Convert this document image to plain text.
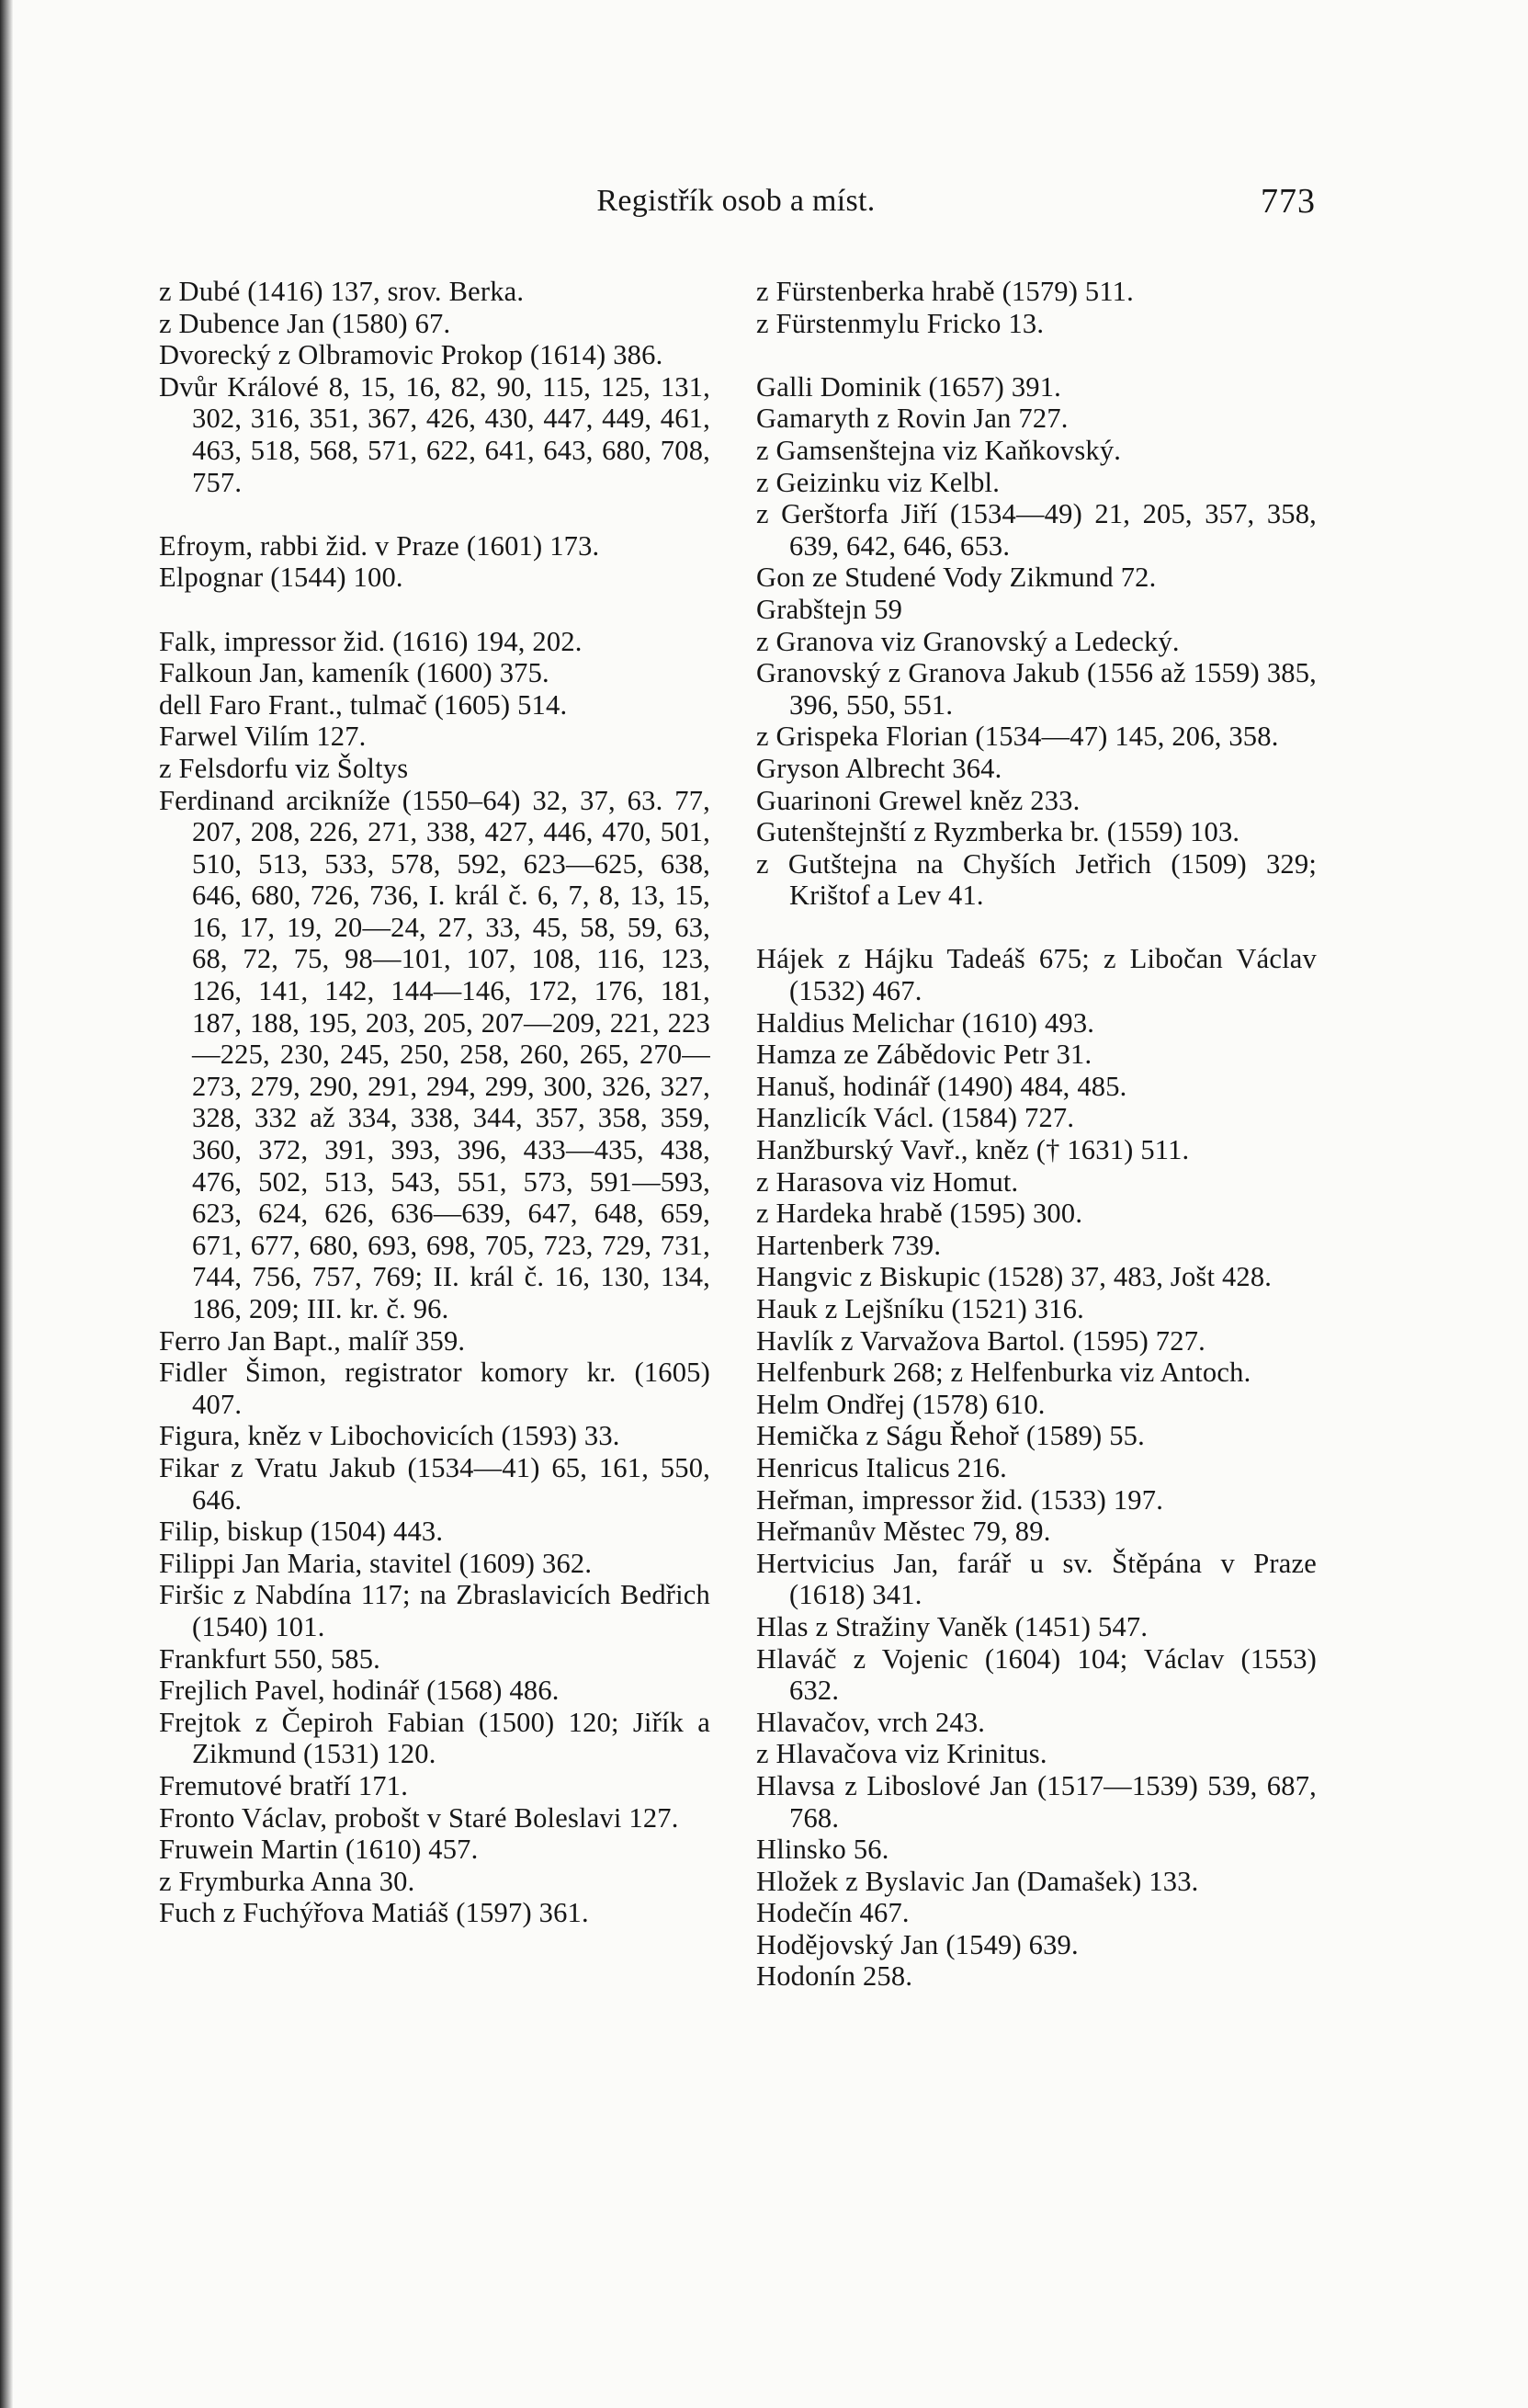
Registřík osob a míst.	773

z Dubé (1416) 137, srov. Berka.

z Dubence Jan (1580) 67.

Dvorecký z Olbramovic Prokop (1614) 386.

Dvůr Králové 8, 15, 16, 82, 90, 115, 125, 131, 302, 316, 351, 367, 426, 430, 447, 449, 461, 463, 518, 568, 571, 622, 641, 643, 680, 708, 757.

Efroym, rabbi žid. v Praze (1601) 173.

Elpognar (1544) 100.

Falk, impressor žid. (1616) 194, 202.

Falkoun Jan, kameník (1600) 375.

dell Faro Frant., tulmač (1605) 514.

Farwel Vilím 127.

z Felsdorfu viz Šoltys

Ferdinand arcikníže (1550–64) 32, 37, 63. 77, 207, 208, 226, 271, 338, 427, 446, 470, 501, 510, 513, 533, 578, 592, 623—625, 638, 646, 680, 726, 736, I. král č. 6, 7, 8, 13, 15, 16, 17, 19, 20—24, 27, 33, 45, 58, 59, 63, 68, 72, 75, 98—101, 107, 108, 116, 123, 126, 141, 142, 144—146, 172, 176, 181, 187, 188, 195, 203, 205, 207—209, 221, 223—225, 230, 245, 250, 258, 260, 265, 270—273, 279, 290, 291, 294, 299, 300, 326, 327, 328, 332 až 334, 338, 344, 357, 358, 359, 360, 372, 391, 393, 396, 433—435, 438, 476, 502, 513, 543, 551, 573, 591—593, 623, 624, 626, 636—639, 647, 648, 659, 671, 677, 680, 693, 698, 705, 723, 729, 731, 744, 756, 757, 769; II. král č. 16, 130, 134, 186, 209; III. kr. č. 96.

Ferro Jan Bapt., malíř 359.

Fidler Šimon, registrator komory kr. (1605) 407.

Figura, kněz v Libochovicích (1593) 33.

Fikar z Vratu Jakub (1534—41) 65, 161, 550, 646.

Filip, biskup (1504) 443.

Filippi Jan Maria, stavitel (1609) 362.

Firšic z Nabdína 117; na Zbraslavicích Bedřich (1540) 101.

Frankfurt 550, 585.

Frejlich Pavel, hodinář (1568) 486.

Frejtok z Čepiroh Fabian (1500) 120; Jiřík a Zikmund (1531) 120.

Fremutové bratří 171.

Fronto Václav, probošt v Staré Boleslavi 127.

Fruwein Martin (1610) 457.

z Frymburka Anna 30.

Fuch z Fuchýřova Matiáš (1597) 361.

z Fürstenberka hrabě (1579) 511.

z Fürstenmylu Fricko 13.

Galli Dominik (1657) 391.

Gamaryth z Rovin Jan 727.

z Gamsenštejna viz Kaňkovský.

z Geizinku viz Kelbl.

z Gerštorfa Jiří (1534—49) 21, 205, 357, 358, 639, 642, 646, 653.

Gon ze Studené Vody Zikmund 72.

Grabštejn 59

z Granova viz Granovský a Ledecký.

Granovský z Granova Jakub (1556 až 1559) 385, 396, 550, 551.

z Grispeka Florian (1534—47) 145, 206, 358.

Gryson Albrecht 364.

Guarinoni Grewel kněz 233.

Gutenštejnští z Ryzmberka br. (1559) 103.

z Gutštejna na Chyších Jetřich (1509) 329; Krištof a Lev 41.

Hájek z Hájku Tadeáš 675; z Libočan Václav (1532) 467.

Haldius Melichar (1610) 493.

Hamza ze Zábědovic Petr 31.

Hanuš, hodinář (1490) 484, 485.

Hanzlicík Václ. (1584) 727.

Hanžburský Vavř., kněz († 1631) 511.

z Harasova viz Homut.

z Hardeka hrabě (1595) 300.

Hartenberk 739.

Hangvic z Biskupic (1528) 37, 483, Jošt 428.

Hauk z Lejšníku (1521) 316.

Havlík z Varvažova Bartol. (1595) 727.

Helfenburk 268; z Helfenburka viz Antoch.

Helm Ondřej (1578) 610.

Hemička z Ságu Řehoř (1589) 55.

Henricus Italicus 216.

Heřman, impressor žid. (1533) 197.

Heřmanův Městec 79, 89.

Hertvicius Jan, farář u sv. Štěpána v Praze (1618) 341.

Hlas z Stražiny Vaněk (1451) 547.

Hlaváč z Vojenic (1604) 104; Václav (1553) 632.

Hlavačov, vrch 243.

z Hlavačova viz Krinitus.

Hlavsa z Liboslové Jan (1517—1539) 539, 687, 768.

Hlinsko 56.

Hložek z Byslavic Jan (Damašek) 133.

Hodečín 467.

Hodějovský Jan (1549) 639.

Hodonín 258.
